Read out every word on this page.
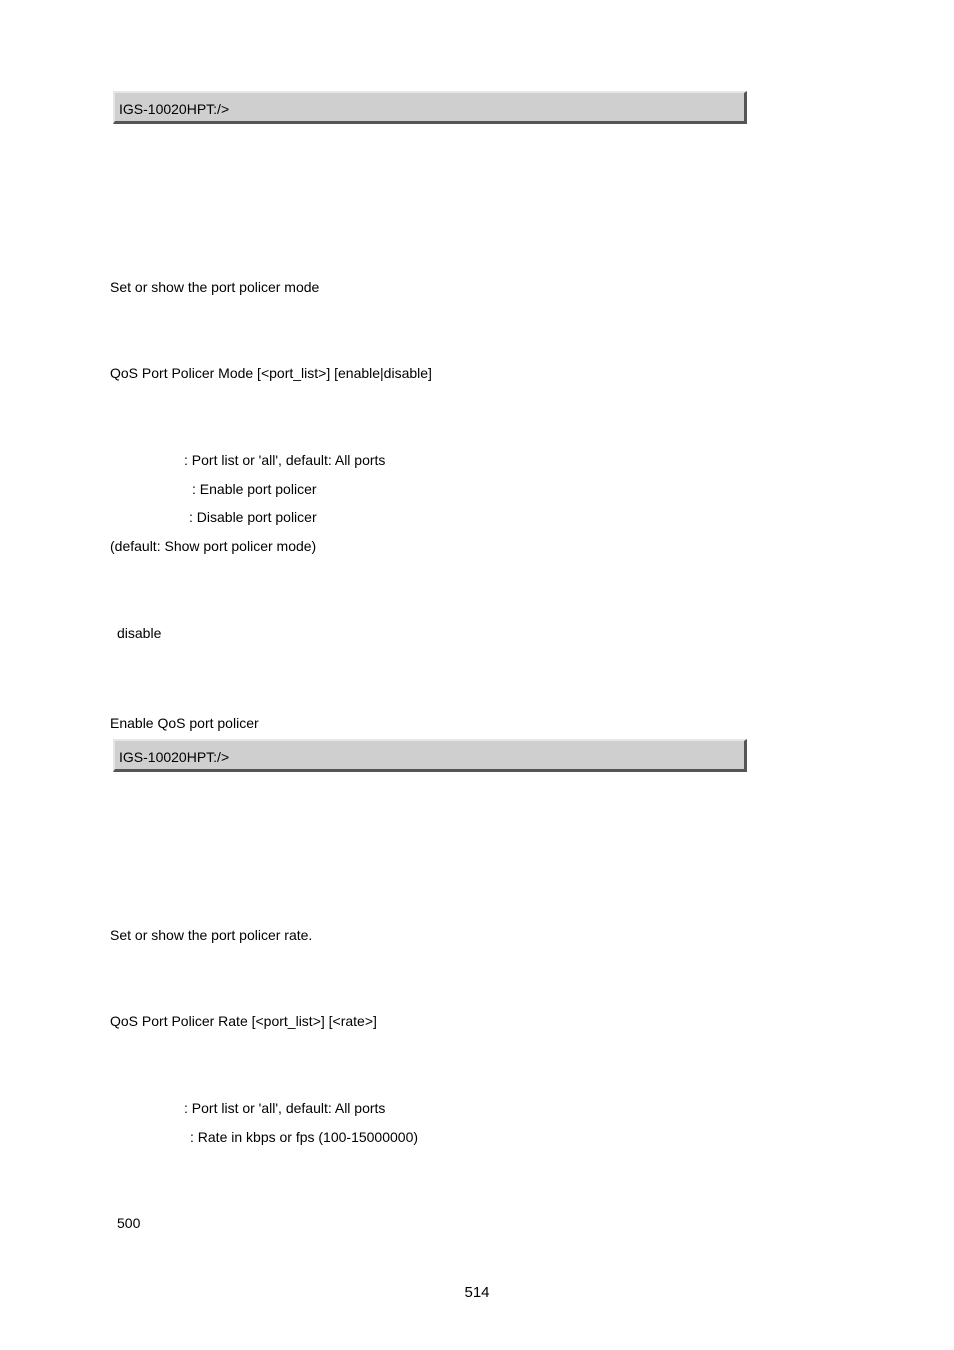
IGS-10020HPT:/>
Set or show the port policer mode
QoS Port Policer Mode [<port_list>] [enable|disable]
: Port list or 'all', default: All ports
: Enable port policer
: Disable port policer
(default: Show port policer mode)
disable
Enable QoS port policer
IGS-10020HPT:/>
Set or show the port policer rate.
QoS Port Policer Rate [<port_list>] [<rate>]
: Port list or 'all', default: All ports
: Rate in kbps or fps (100-15000000)
500
514
